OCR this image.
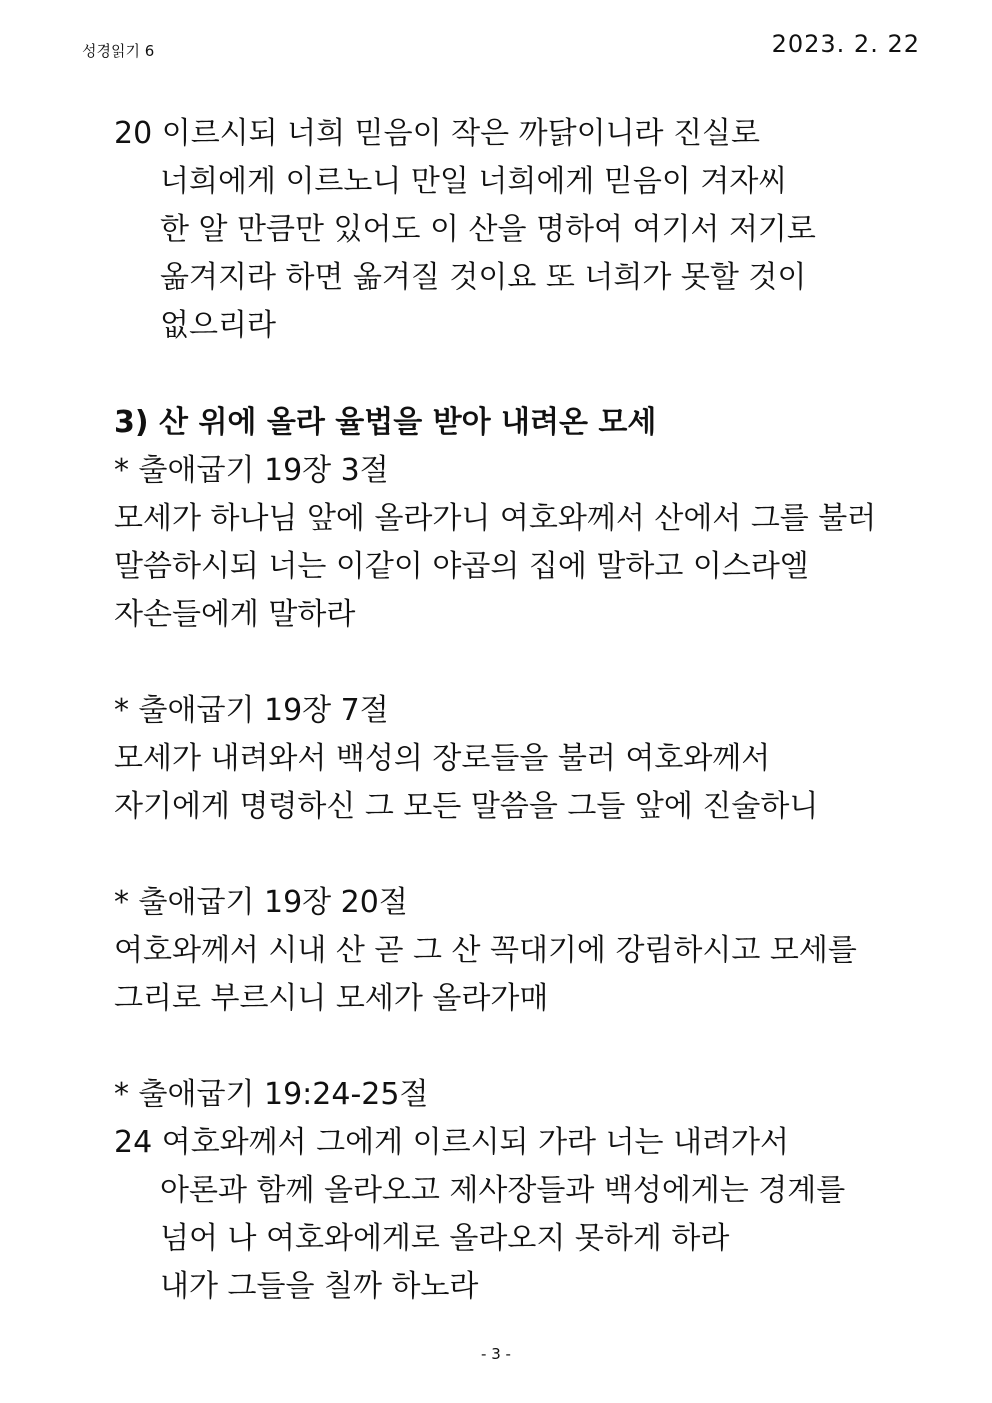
성경읽기 6	2023. 2. 22
20 이르시되 너희 믿음이 작은 까닭이니라 진실로
너희에게 이르노니 만일 너희에게 믿음이 겨자씨
한 알 만큼만 있어도 이 산을 명하여 여기서 저기로
옮겨지라 하면 옮겨질 것이요 또 너희가 못할 것이
없으리라
3) 산 위에 올라 율법을 받아 내려온 모세
* 출애굽기 19장 3절
모세가 하나님 앞에 올라가니 여호와께서 산에서 그를 불러
말씀하시되 너는 이같이 야곱의 집에 말하고 이스라엘
자손들에게 말하라
* 출애굽기 19장 7절
모세가 내려와서 백성의 장로들을 불러 여호와께서
자기에게 명령하신 그 모든 말씀을 그들 앞에 진술하니
* 출애굽기 19장 20절
여호와께서 시내 산 곧 그 산 꼭대기에 강림하시고 모세를
그리로 부르시니 모세가 올라가매
* 출애굽기 19:24-25절
24 여호와께서 그에게 이르시되 가라 너는 내려가서
아론과 함께 올라오고 제사장들과 백성에게는 경계를
넘어 나 여호와에게로 올라오지 못하게 하라
내가 그들을 칠까 하노라
- 3 -
